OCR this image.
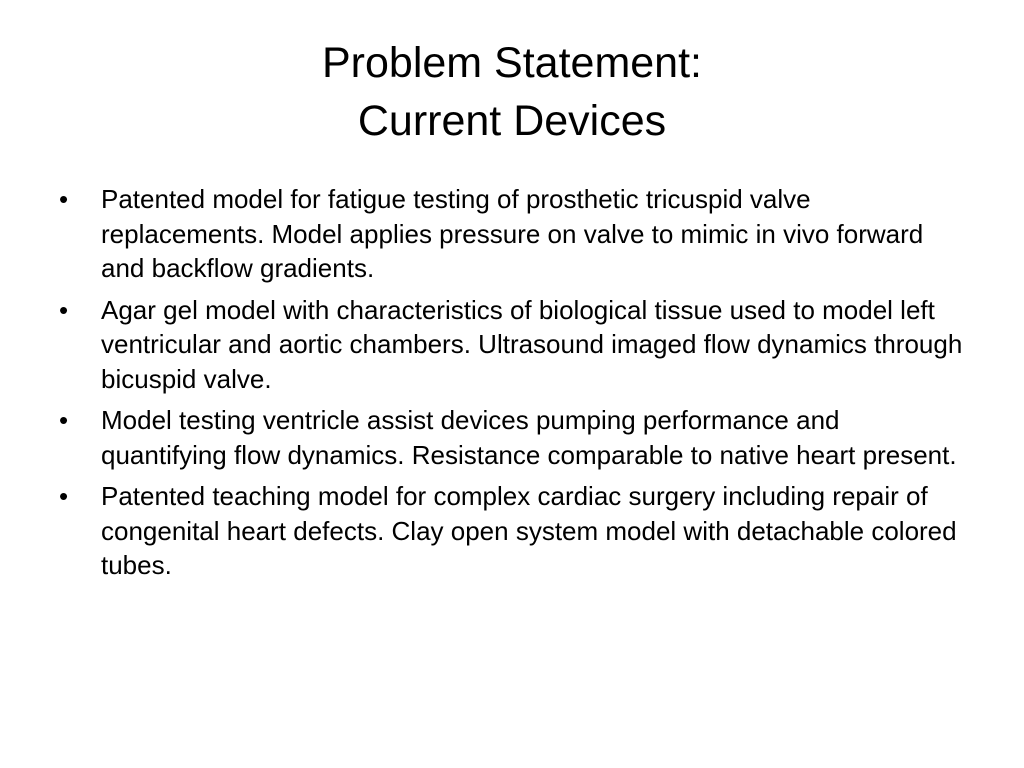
Problem Statement:
Current Devices
•	Patented model for fatigue testing of prosthetic tricuspid valve replacements. Model applies pressure on valve to mimic in vivo forward and backflow gradients.
•	Agar gel model with characteristics of biological tissue used to model left ventricular and aortic chambers. Ultrasound imaged flow dynamics through bicuspid valve.
•	Model testing ventricle assist devices pumping performance and quantifying flow dynamics. Resistance comparable to native heart present.
•	Patented teaching model for complex cardiac surgery including repair of congenital heart defects. Clay open system model with detachable colored tubes.
